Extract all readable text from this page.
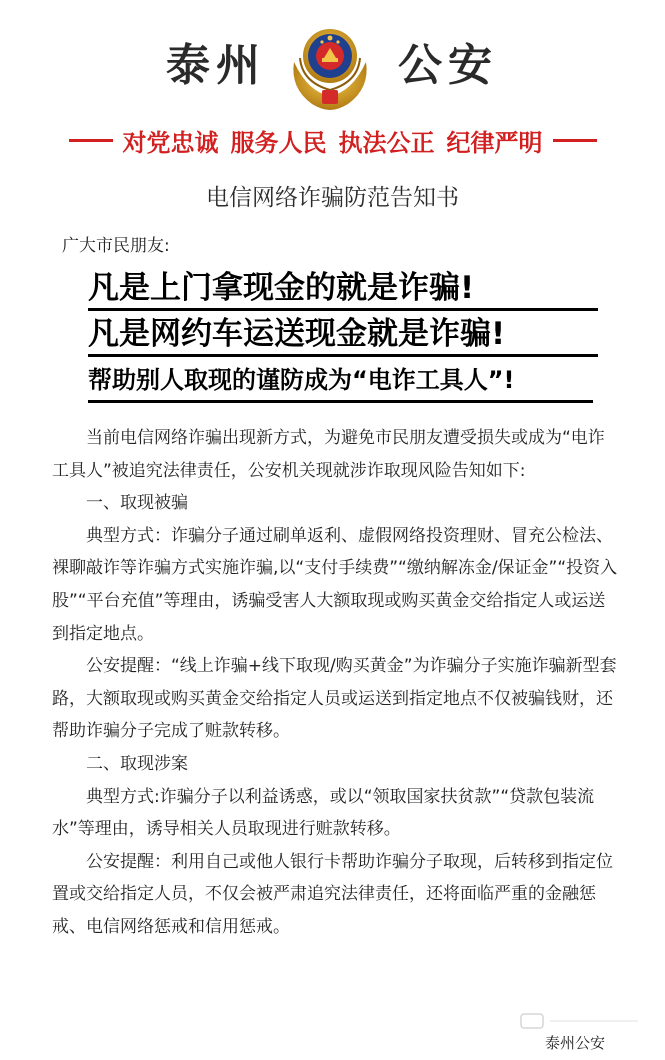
泰州	公安
对党忠诚 服务人民 执法公正 纪律严明
电信网络诈骗防范告知书
广大市民朋友:
凡是上门拿现金的就是诈骗!
凡是网约车运送现金就是诈骗!
帮助别人取现的谨防成为“电诈工具人”!

当前电信网络诈骗出现新方式，为避免市民朋友遭受损失或成为“电诈工具人”被追究法律责任，公安机关现就涉诈取现风险告知如下:

一、取现被骗

典型方式：诈骗分子通过刷单返利、虚假网络投资理财、冒充公检法、裸聊敲诈等诈骗方式实施诈骗,以“支付手续费”“缴纳解冻金/保证金”“投资入股”“平台充值”等理由，诱骗受害人大额取现或购买黄金交给指定人或运送到指定地点。

公安提醒：“线上诈骗+线下取现/购买黄金”为诈骗分子实施诈骗新型套路，大额取现或购买黄金交给指定人员或运送到指定地点不仅被骗钱财，还帮助诈骗分子完成了赃款转移。

二、取现涉案

典型方式:诈骗分子以利益诱惑，或以“领取国家扶贫款”“贷款包装流水”等理由，诱导相关人员取现进行赃款转移。

公安提醒：利用自己或他人银行卡帮助诈骗分子取现，后转移到指定位置或交给指定人员，不仅会被严肃追究法律责任，还将面临严重的金融惩戒、电信网络惩戒和信用惩戒。

泰州公安
